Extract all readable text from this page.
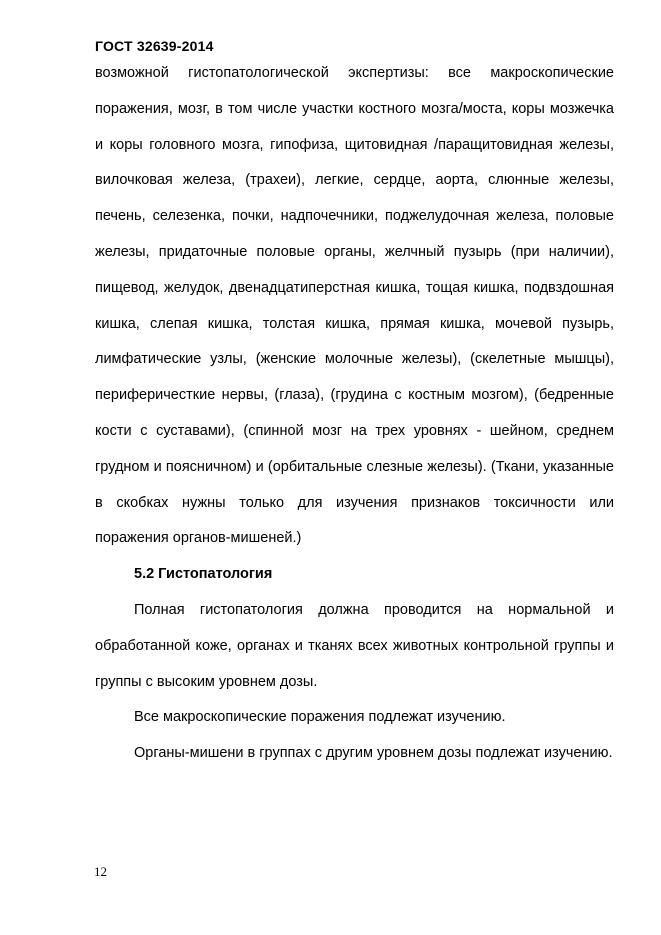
ГОСТ 32639-2014

возможной гистопатологической экспертизы: все макроскопические поражения, мозг, в том числе участки костного мозга/моста, коры мозжечка и коры головного мозга, гипофиза, щитовидная /паращитовидная железы, вилочковая железа, (трахеи), легкие, сердце, аорта, слюнные железы, печень, селезенка, почки, надпочечники, поджелудочная железа, половые железы, придаточные половые органы, желчный пузырь (при наличии), пищевод, желудок, двенадцатиперстная кишка, тощая кишка, подвздошная кишка, слепая кишка, толстая кишка, прямая кишка, мочевой пузырь, лимфатические узлы, (женские молочные железы), (скелетные мышцы), периферичесткие нервы, (глаза), (грудина с костным мозгом), (бедренные кости с суставами), (спинной мозг на трех уровнях - шейном, среднем грудном и поясничном) и (орбитальные слезные железы). (Ткани, указанные в скобках нужны только для изучения признаков токсичности или поражения органов-мишеней.)

5.2 Гистопатология

Полная гистопатология должна проводится на нормальной и обработанной коже, органах и тканях всех животных контрольной группы и группы с высоким уровнем дозы.

Все макроскопические поражения подлежат изучению.

Органы-мишени в группах с другим уровнем дозы подлежат изучению.

12
